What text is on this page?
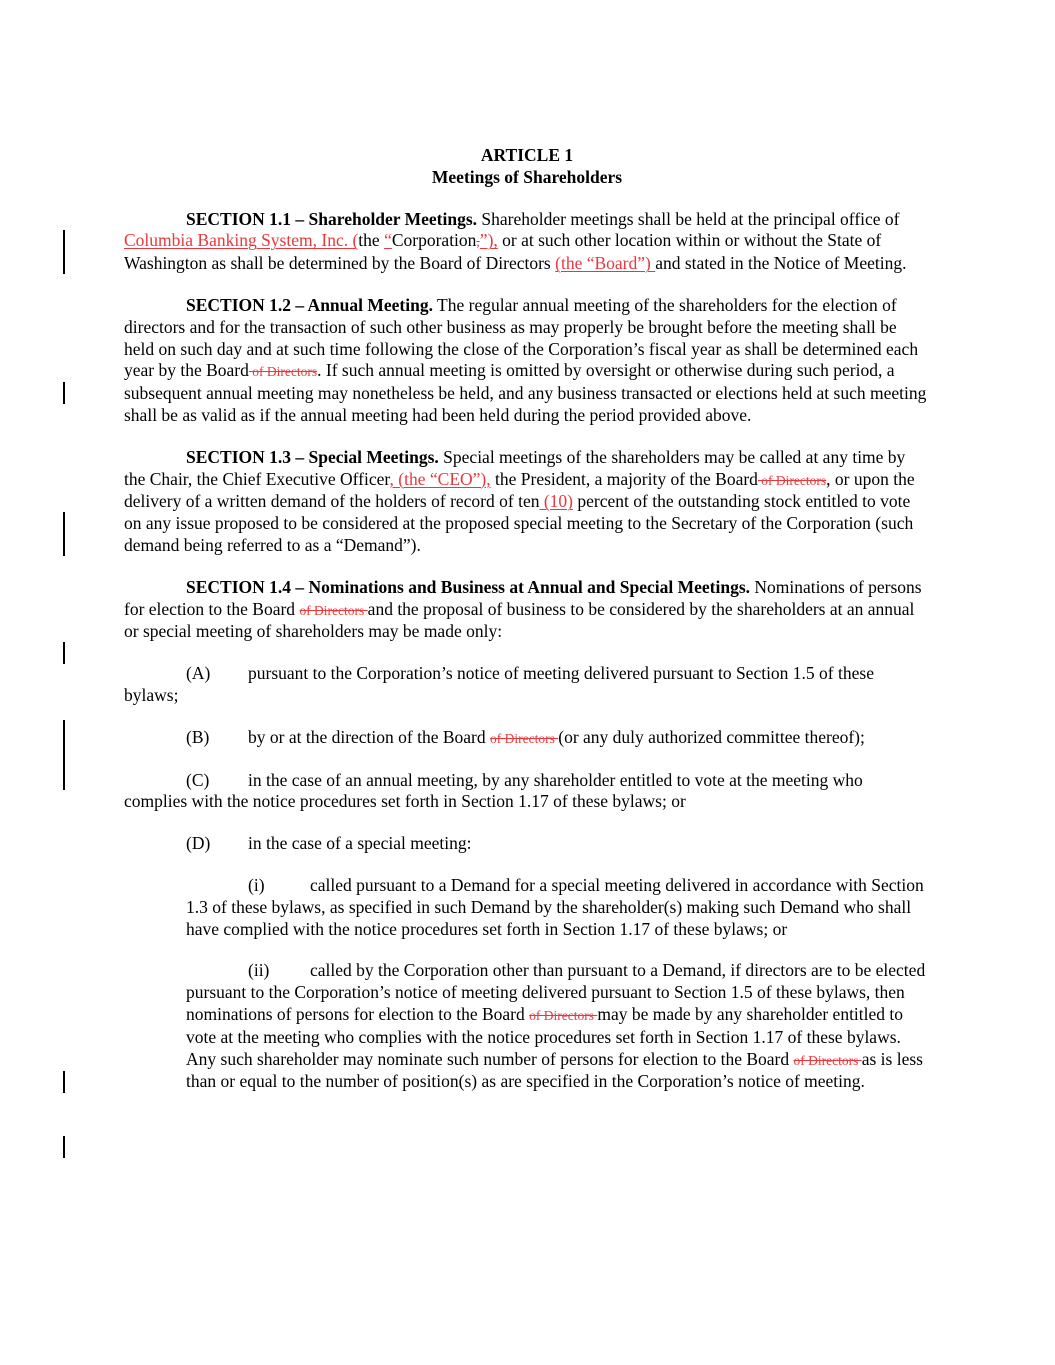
ARTICLE 1

Meetings of Shareholders

SECTION 1.1 – Shareholder Meetings. Shareholder meetings shall be held at the principal office of Columbia Banking System, Inc. (the “Corporation,”), or at such other location within or without the State of Washington as shall be determined by the Board of Directors (the “Board”) and stated in the Notice of Meeting.

SECTION 1.2 – Annual Meeting. The regular annual meeting of the shareholders for the election of directors and for the transaction of such other business as may properly be brought before the meeting shall be held on such day and at such time following the close of the Corporation’s fiscal year as shall be determined each year by the Board of Directors. If such annual meeting is omitted by oversight or otherwise during such period, a subsequent annual meeting may nonetheless be held, and any business transacted or elections held at such meeting shall be as valid as if the annual meeting had been held during the period provided above.

SECTION 1.3 – Special Meetings. Special meetings of the shareholders may be called at any time by the Chair, the Chief Executive Officer, (the “CEO”), the President, a majority of the Board of Directors, or upon the delivery of a written demand of the holders of record of ten (10) percent of the outstanding stock entitled to vote on any issue proposed to be considered at the proposed special meeting to the Secretary of the Corporation (such demand being referred to as a “Demand”).

SECTION 1.4 – Nominations and Business at Annual and Special Meetings. Nominations of persons for election to the Board of Directors and the proposal of business to be considered by the shareholders at an annual or special meeting of shareholders may be made only:

(A) pursuant to the Corporation’s notice of meeting delivered pursuant to Section 1.5 of these bylaws;

(B) by or at the direction of the Board of Directors (or any duly authorized committee thereof);

(C) in the case of an annual meeting, by any shareholder entitled to vote at the meeting who complies with the notice procedures set forth in Section 1.17 of these bylaws; or

(D) in the case of a special meeting:

(i)	called pursuant to a Demand for a special meeting delivered in accordance with Section 1.3 of these bylaws, as specified in such Demand by the shareholder(s) making such Demand who shall have complied with the notice procedures set forth in Section 1.17 of these bylaws; or

(ii) called by the Corporation other than pursuant to a Demand, if directors are to be elected pursuant to the Corporation’s notice of meeting delivered pursuant to Section 1.5 of these bylaws, then nominations of persons for election to the Board of Directors may be made by any shareholder entitled to vote at the meeting who complies with the notice procedures set forth in Section 1.17 of these bylaws. Any such shareholder may nominate such number of persons for election to the Board of Directors as is less than or equal to the number of position(s) as are specified in the Corporation’s notice of meeting.
